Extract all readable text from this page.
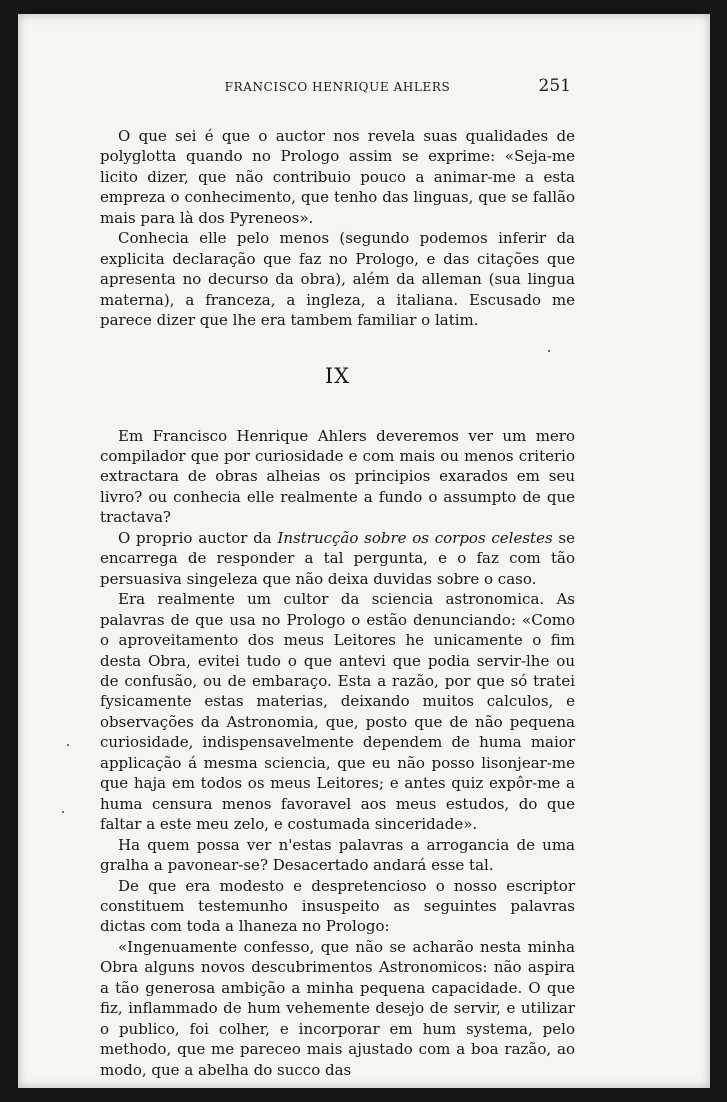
FRANCISCO HENRIQUE AHLERS	251

O que sei é que o auctor nos revela suas qualidades de polyglotta quando no Prologo assim se exprime: «Seja-me licito dizer, que não contribuio pouco a animar-me a esta empreza o conhecimento, que tenho das linguas, que se fallão mais para là dos Pyreneos».

Conhecia elle pelo menos (segundo podemos inferir da explicita declaração que faz no Prologo, e das citações que apresenta no decurso da obra), além da alleman (sua lingua materna), a franceza, a ingleza, a italiana. Escusado me parece dizer que lhe era tambem familiar o latim.

IX

Em Francisco Henrique Ahlers deveremos ver um mero compilador que por curiosidade e com mais ou menos criterio extractara de obras alheias os principios exarados em seu livro? ou conhecia elle realmente a fundo o assumpto de que tractava?

O proprio auctor da Instrucção sobre os corpos celestes se encarrega de responder a tal pergunta, e o faz com tão persuasiva singeleza que não deixa duvidas sobre o caso.

Era realmente um cultor da sciencia astronomica. As palavras de que usa no Prologo o estão denunciando: «Como o aproveitamento dos meus Leitores he unicamente o fim desta Obra, evitei tudo o que antevi que podia servir-lhe ou de confusão, ou de embaraço. Esta a razão, por que só tratei fysicamente estas materias, deixando muitos calculos, e observações da Astronomia, que, posto que de não pequena curiosidade, indispensavelmente dependem de huma maior applicação á mesma sciencia, que eu não posso lisonjear-me que haja em todos os meus Leitores; e antes quiz expôr-me a huma censura menos favoravel aos meus estudos, do que faltar a este meu zelo, e costumada sinceridade».

Ha quem possa ver n'estas palavras a arrogancia de uma gralha a pavonear-se? Desacertado andará esse tal.

De que era modesto e despretencioso o nosso escriptor constituem testemunho insuspeito as seguintes palavras dictas com toda a lhaneza no Prologo:

«Ingenuamente confesso, que não se acharão nesta minha Obra alguns novos descubrimentos Astronomicos: não aspira a tão generosa ambição a minha pequena capacidade. O que fiz, inflammado de hum vehemente desejo de servir, e utilizar o publico, foi colher, e incorporar em hum systema, pelo methodo, que me pareceo mais ajustado com a boa razão, ao modo, que a abelha do succo das
